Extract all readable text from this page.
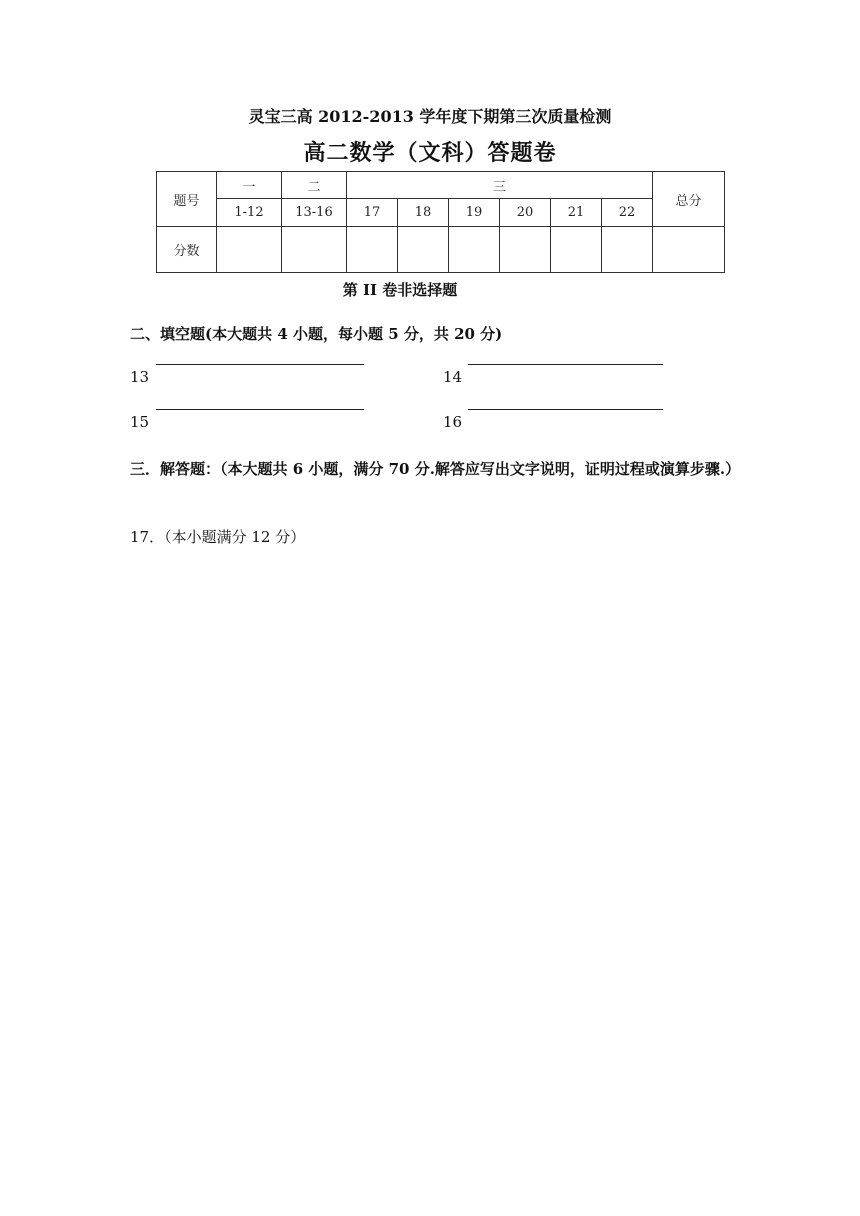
灵宝三高 2012-2013 学年度下期第三次质量检测
高二数学（文科）答题卷
题号	一	二	三						总分
	1-12	13-16	17	18	19	20	21	22	
分数									
第 II 卷非选择题
二、填空题(本大题共 4 小题，每小题 5 分，共 20 分)
13	14
15	16
三．解答题：（本大题共 6 小题，满分 70 分.解答应写出文字说明，证明过程或演算步骤.）
17．（本小题满分 12 分）
